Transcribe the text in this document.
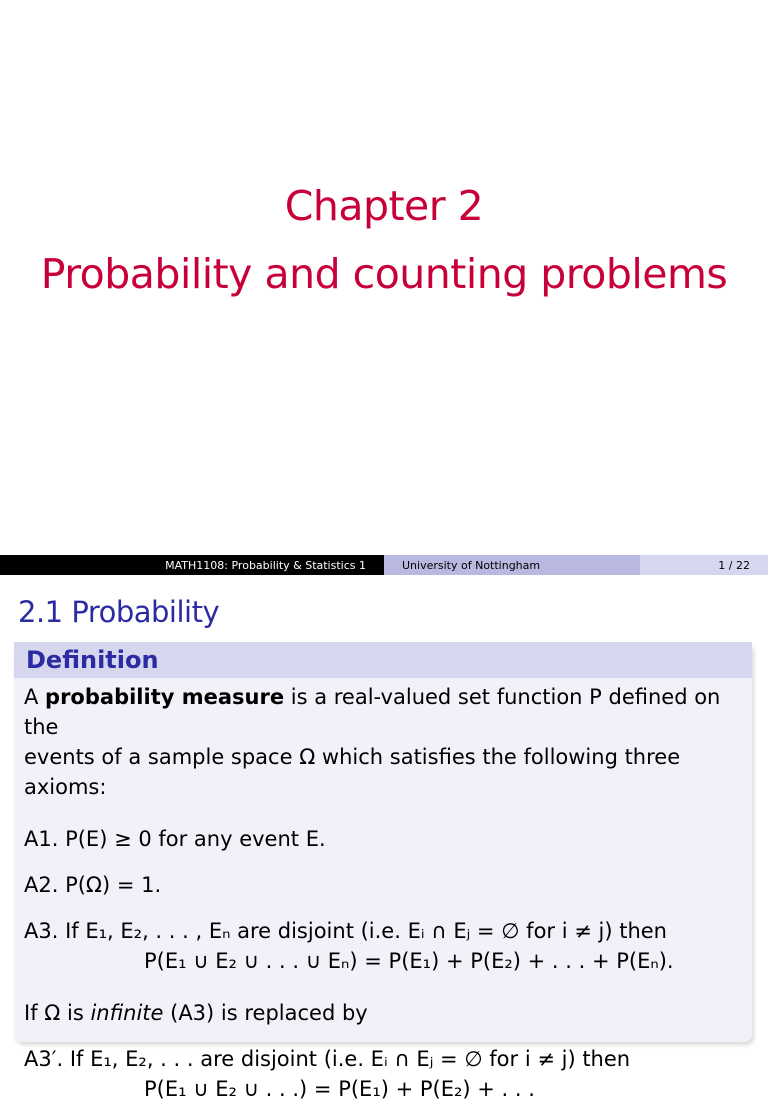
Chapter 2
Probability and counting problems
MATH1108: Probability & Statistics 1	University of Nottingham	1 / 22
2.1 Probability
Definition

A probability measure is a real-valued set function P defined on the

events of a sample space Ω which satisfies the following three axioms:

A1. P(E) ≥ 0 for any event E.

A2. P(Ω) = 1.

A3. If E₁, E₂, . . . , Eₙ are disjoint (i.e. Eᵢ ∩ Eⱼ = ∅ for i ≠ j) then

P(E₁ ∪ E₂ ∪ . . . ∪ Eₙ) = P(E₁) + P(E₂) + . . . + P(Eₙ).

If Ω is infinite (A3) is replaced by

A3′. If E₁, E₂, . . . are disjoint (i.e. Eᵢ ∩ Eⱼ = ∅ for i ≠ j) then

P(E₁ ∪ E₂ ∪ . . .) = P(E₁) + P(E₂) + . . .
